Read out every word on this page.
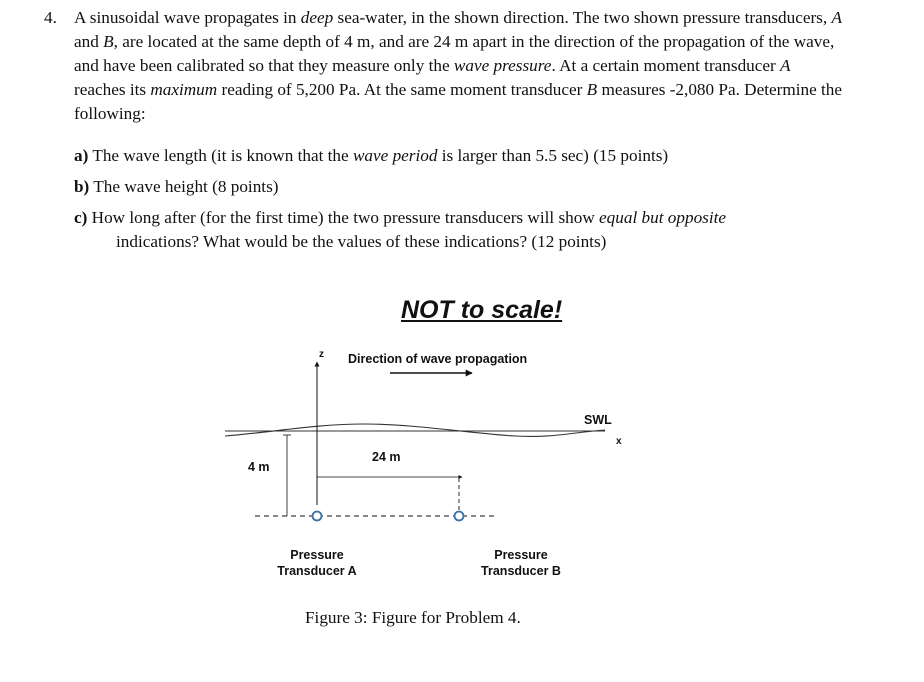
4. A sinusoidal wave propagates in deep sea-water, in the shown direction. The two shown pressure transducers, A and B, are located at the same depth of 4 m, and are 24 m apart in the direction of the propagation of the wave, and have been calibrated so that they measure only the wave pressure. At a certain moment transducer A reaches its maximum reading of 5,200 Pa. At the same moment transducer B measures -2,080 Pa. Determine the following:
a) The wave length (it is known that the wave period is larger than 5.5 sec) (15 points)
b) The wave height (8 points)
c) How long after (for the first time) the two pressure transducers will show equal but opposite
indications? What would be the values of these indications? (12 points)
NOT to scale!
z Direction of wave propagation
SWL
x
4 m
24 m
Pressure
Transducer A
Pressure
Transducer B
Figure 3: Figure for Problem 4.
